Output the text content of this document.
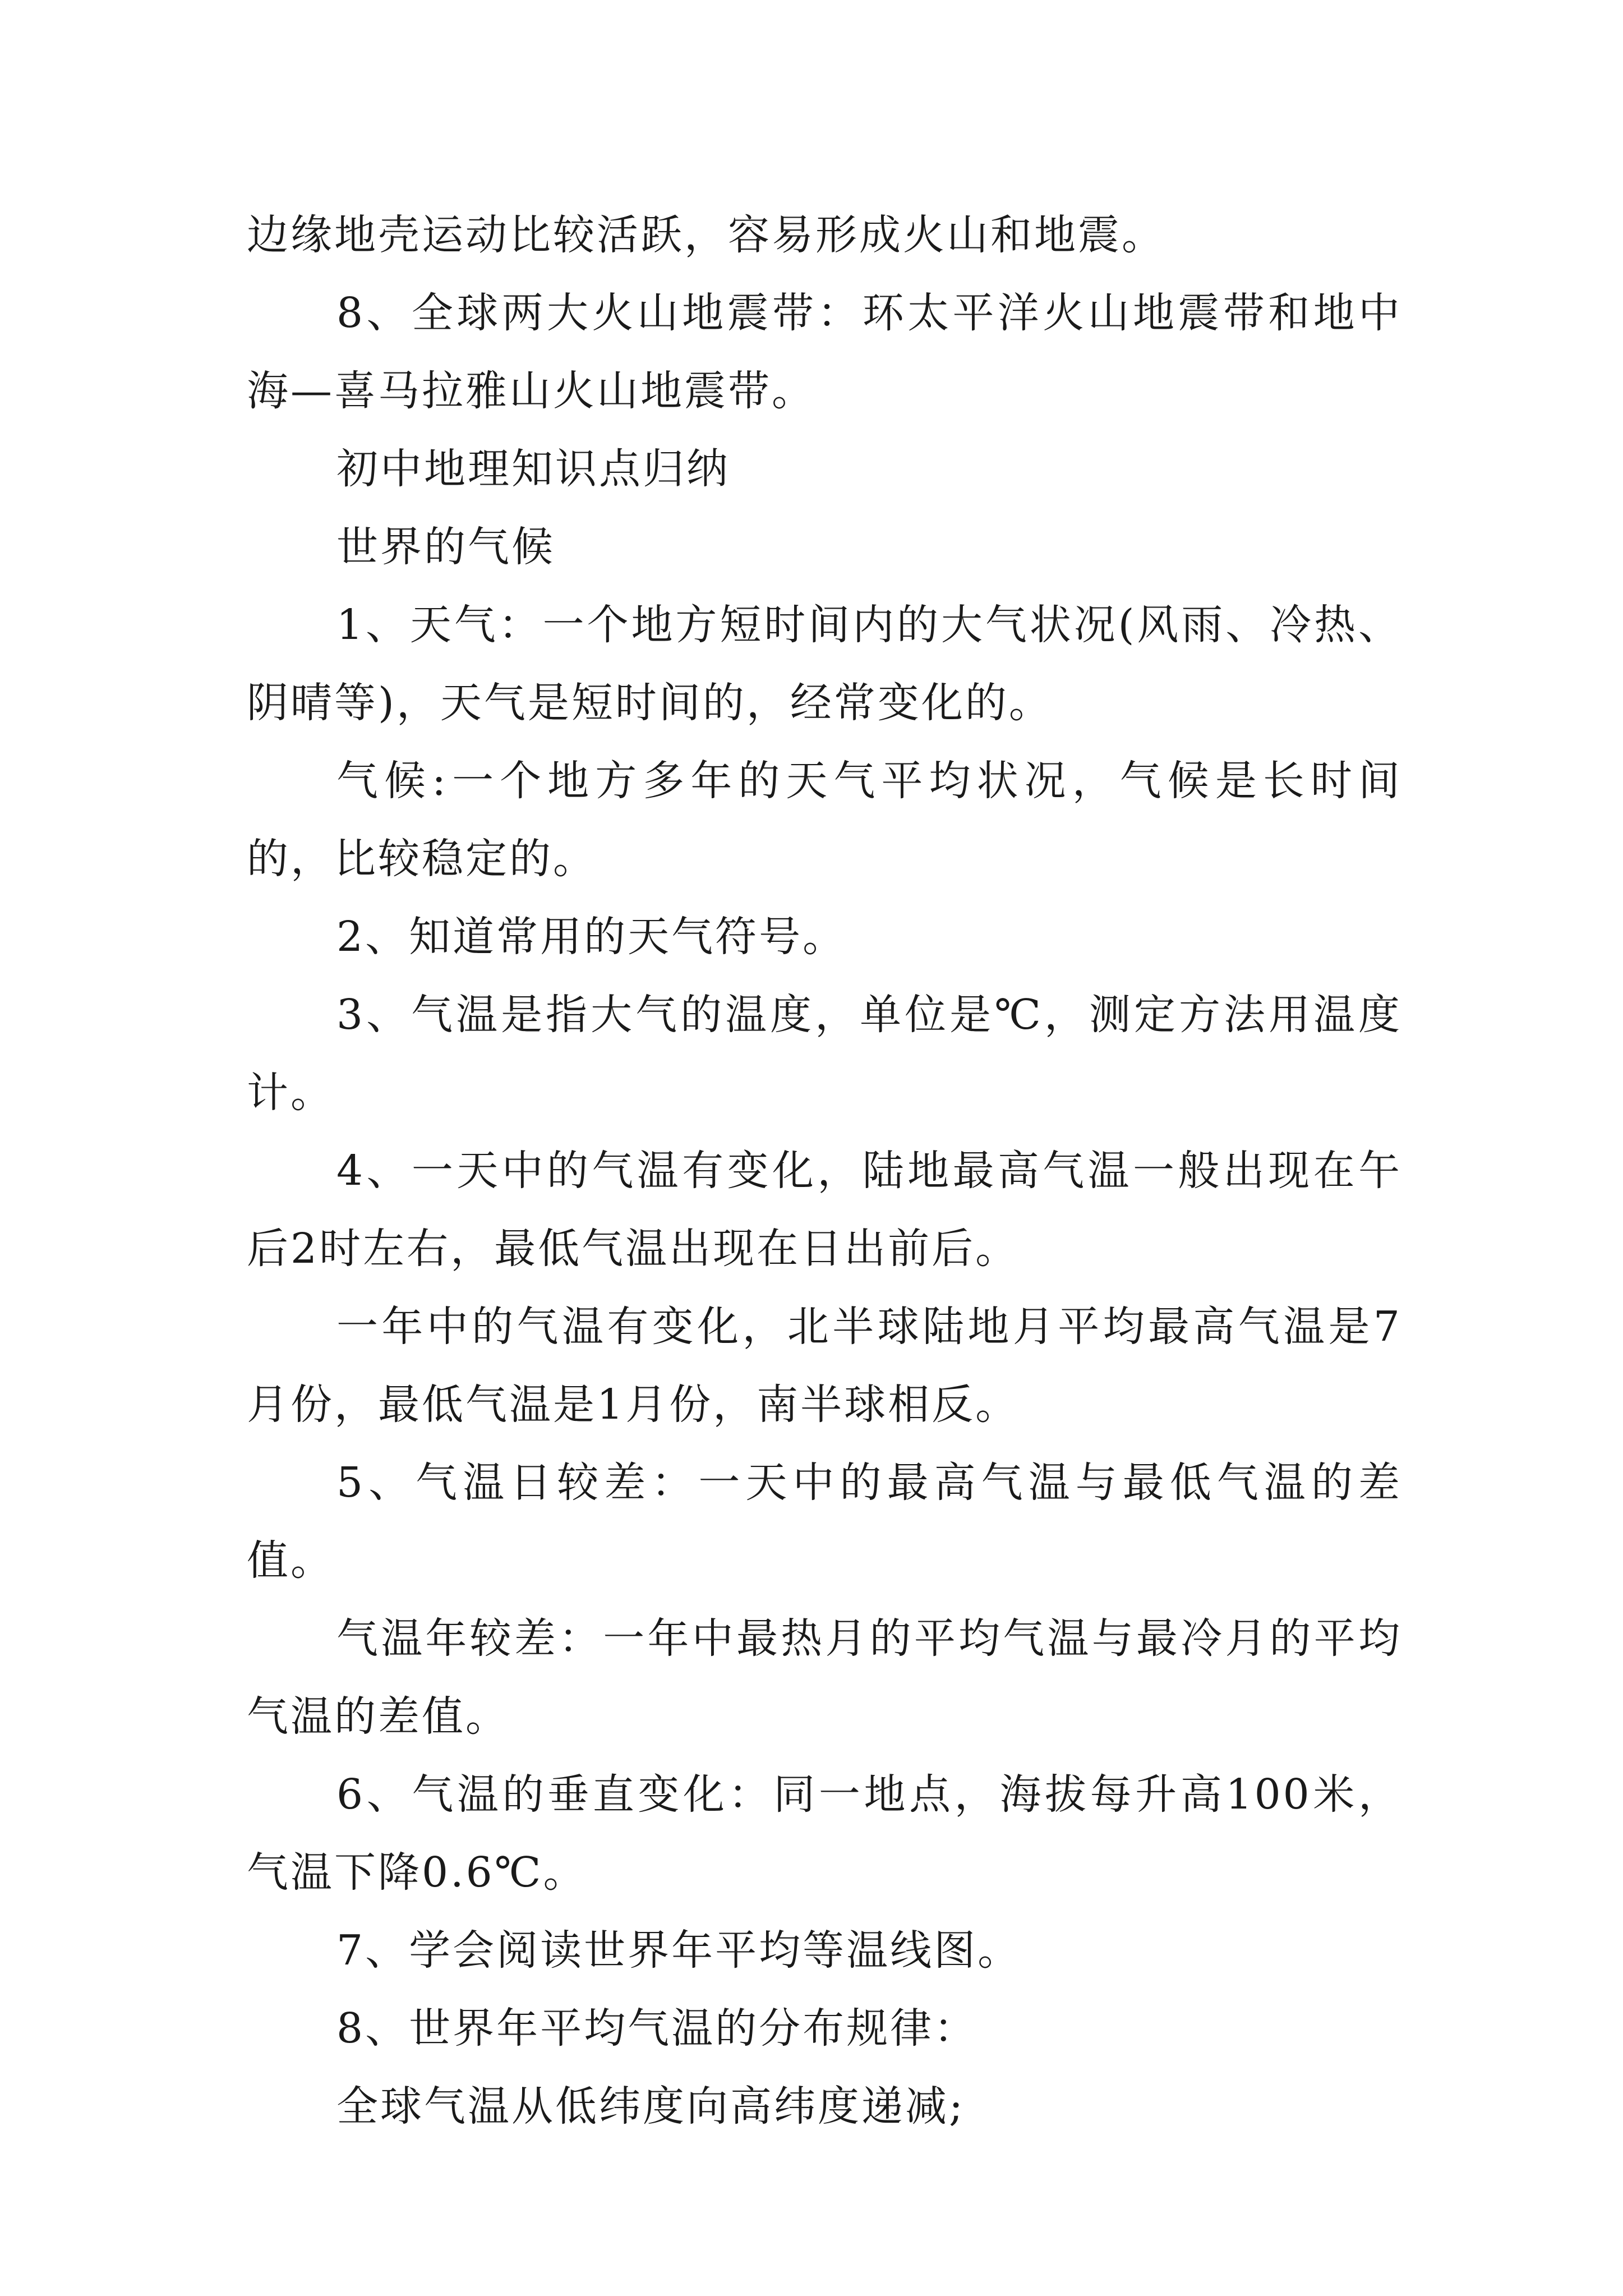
边缘地壳运动比较活跃，容易形成火山和地震。

8、全球两大火山地震带：环太平洋火山地震带和地中海—喜马拉雅山火山地震带。

初中地理知识点归纳

世界的气候

1、天气：一个地方短时间内的大气状况(风雨、冷热、阴晴等)，天气是短时间的，经常变化的。

气候:一个地方多年的天气平均状况，气候是长时间的，比较稳定的。

2、知道常用的天气符号。

3、气温是指大气的温度，单位是℃，测定方法用温度计。

4、一天中的气温有变化，陆地最高气温一般出现在午后2时左右，最低气温出现在日出前后。

一年中的气温有变化，北半球陆地月平均最高气温是7月份，最低气温是1月份，南半球相反。

5、气温日较差：一天中的最高气温与最低气温的差值。

气温年较差：一年中最热月的平均气温与最冷月的平均气温的差值。

6、气温的垂直变化：同一地点，海拔每升高100米，气温下降0.6℃。

7、学会阅读世界年平均等温线图。

8、世界年平均气温的分布规律：

全球气温从低纬度向高纬度递减;
